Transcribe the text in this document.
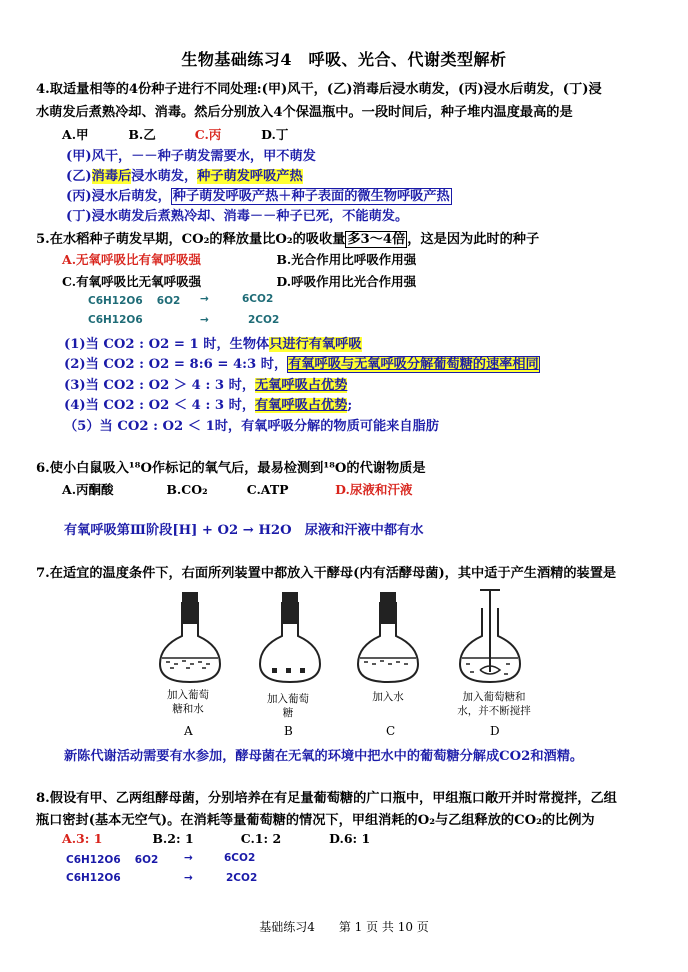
生物基础练习4　呼吸、光合、代谢类型解析
4.取适量相等的4份种子进行不同处理:(甲)风干，(乙)消毒后浸水萌发，(丙)浸水后萌发，(丁)浸
水萌发后煮熟冷却、消毒。然后分别放入4个保温瓶中。一段时间后，种子堆内温度最高的是
A.甲	B.乙	C.丙	D.丁
(甲)风干，－－种子萌发需要水，甲不萌发
(乙)消毒后浸水萌发，种子萌发呼吸产热
(丙)浸水后萌发， 种子萌发呼吸产热＋种子表面的微生物呼吸产热
(丁)浸水萌发后煮熟冷却、消毒－－种子已死，不能萌发。
5.在水稻种子萌发早期，CO₂的释放量比O₂的吸收量 多3～4倍 ，这是因为此时的种子
A.无氧呼吸比有氧呼吸强	B.光合作用比呼吸作用强
C.有氧呼吸比无氧呼吸强	D.呼吸作用比光合作用强
C6H12O6　 6O2 →	6CO2
C6H12O6	→	2CO2
(1)当 CO2 : O2 = 1 时，生物体只进行有氧呼吸
(2)当 CO2 : O2 = 8:6 = 4:3 时，有氧呼吸与无氧呼吸分解葡萄糖的速率相同
(3)当 CO2 : O2 ＞ 4 : 3 时，无氧呼吸占优势
(4)当 CO2 : O2 ＜ 4 : 3 时，有氧呼吸占优势;
（5）当 CO2 : O2 ＜ 1时，有氧呼吸分解的物质可能来自脂肪
6.使小白鼠吸入¹⁸O作标记的氧气后，最易检测到¹⁸O的代谢物质是
A.丙酮酸	B.CO₂	C.ATP	D.尿液和汗液
有氧呼吸第Ⅲ阶段[H] + O2 → H2O　尿液和汗液中都有水
7.在适宜的温度条件下，右面所列装置中都放入干酵母(内有活酵母菌)，其中适于产生酒精的装置是
加入葡萄
糖和水
加入葡萄
糖
加入水	加入葡萄糖和
水，并不断搅拌
A	B	C	D
新陈代谢活动需要有水参加，酵母菌在无氧的环境中把水中的葡萄糖分解成CO2和酒精。
8.假设有甲、乙两组酵母菌，分别培养在有足量葡萄糖的广口瓶中，甲组瓶口敞开并时常搅拌，乙组
瓶口密封(基本无空气)。在消耗等量葡萄糖的情况下，甲组消耗的O₂与乙组释放的CO₂的比例为
A.3: 1	B.2: 1	C.1: 2	D.6: 1
C6H12O6　 6O2 →	6CO2
C6H12O6	→	2CO2
基础练习4　　第 1 页 共 10 页
